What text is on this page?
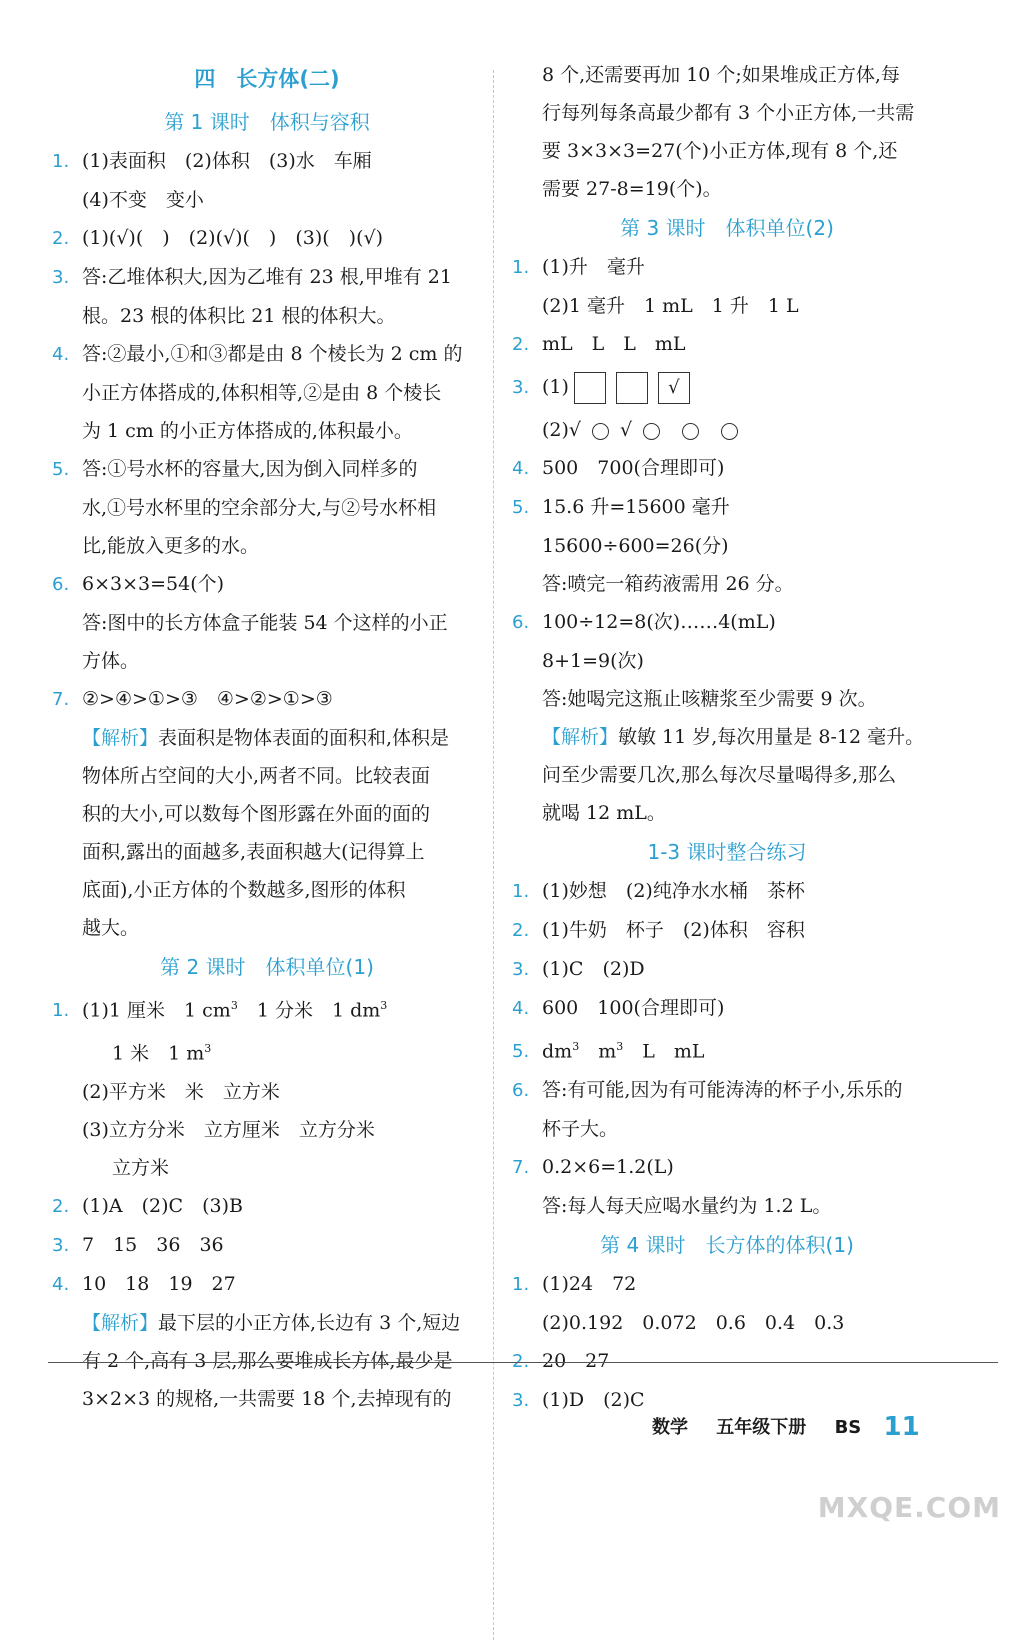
四　长方体(二)
第 1 课时　体积与容积
1. (1)表面积　(2)体积　(3)水　车厢
(4)不变　变小
2. (1)(√)(　)　(2)(√)(　)　(3)(　)(√)
3. 答:乙堆体积大,因为乙堆有 23 根,甲堆有 21
根。23 根的体积比 21 根的体积大。
4. 答:②最小,①和③都是由 8 个棱长为 2 cm 的
小正方体搭成的,体积相等,②是由 8 个棱长
为 1 cm 的小正方体搭成的,体积最小。
5. 答:①号水杯的容量大,因为倒入同样多的
水,①号水杯里的空余部分大,与②号水杯相
比,能放入更多的水。
6. 6×3×3=54(个)
答:图中的长方体盒子能装 54 个这样的小正
方体。
7. ②>④>①>③　④>②>①>③
【解析】表面积是物体表面的面积和,体积是
物体所占空间的大小,两者不同。比较表面
积的大小,可以数每个图形露在外面的面的
面积,露出的面越多,表面积越大(记得算上
底面),小正方体的个数越多,图形的体积
越大。
第 2 课时　体积单位(1)
1. (1)1 厘米　1 $cm^3$　1 分米　1 $dm^3$
1 米　1 $m^3$
(2)平方米　米　立方米
(3)立方分米　立方厘米　立方分米
立方米
2. (1)A　(2)C　(3)B
3. 7　15　36　36
4. 10　18　19　27
【解析】最下层的小正方体,长边有 3 个,短边
有 2 个,高有 3 层,那么要堆成长方体,最少是
3×2×3 的规格,一共需要 18 个,去掉现有的
8 个,还需要再加 10 个;如果堆成正方体,每
行每列每条高最少都有 3 个小正方体,一共需
要 3×3×3=27(个)小正方体,现有 8 个,还
需要 27-8=19(个)。
第 3 课时　体积单位(2)
1. (1)升　毫升
(2)1 毫升　1 mL　1 升　1 L
2. mL　L　L　mL
3. (1)	√
(2)√ ○ √
4. 500　700(合理即可)
5. 15.6 升=15600 毫升
15600÷600=26(分)
答:喷完一箱药液需用 26 分。
6. 100÷12=8(次)……4(mL)
8+1=9(次)
答:她喝完这瓶止咳糖浆至少需要 9 次。
【解析】敏敏 11 岁,每次用量是 8-12 毫升。
问至少需要几次,那么每次尽量喝得多,那么
就喝 12 mL。
1-3 课时整合练习
1. (1)妙想　(2)纯净水水桶　茶杯
2. (1)牛奶　杯子　(2)体积　容积
3. (1)C　(2)D
4. 600　100(合理即可)
5. $dm^3$　$m^3$　L　mL
6. 答:有可能,因为有可能涛涛的杯子小,乐乐的
杯子大。
7. 0.2×6=1.2(L)
答:每人每天应喝水量约为 1.2 L。
第 4 课时　长方体的体积(1)
1. (1)24　72
(2)0.192　0.072　0.6　0.4　0.3
2. 20　27
3. (1)D　(2)C
数学 五年级下册 BS 11
MXQE.COM
